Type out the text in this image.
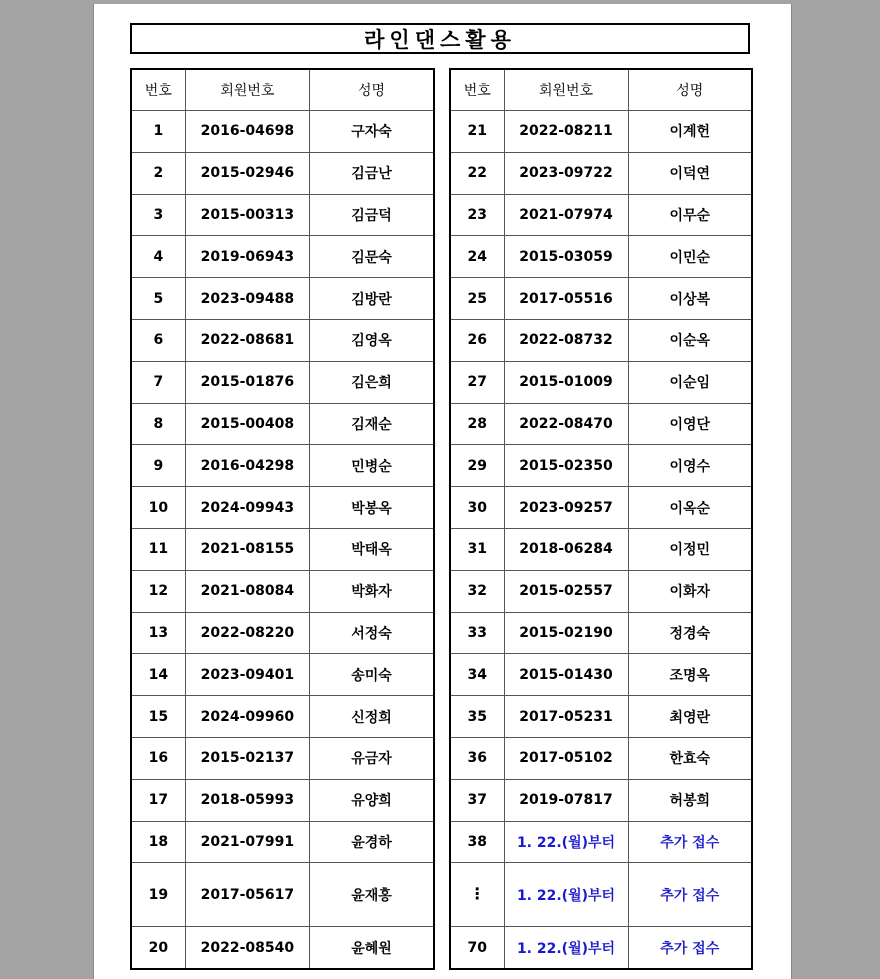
라인댄스활용
번호	회원번호	성명
1	2016-04698	구자숙
2	2015-02946	김금난
3	2015-00313	김금덕
4	2019-06943	김문숙
5	2023-09488	김방란
6	2022-08681	김영옥
7	2015-01876	김은희
8	2015-00408	김재순
9	2016-04298	민병순
10	2024-09943	박봉옥
11	2021-08155	박태옥
12	2021-08084	박화자
13	2022-08220	서정숙
14	2023-09401	송미숙
15	2024-09960	신정희
16	2015-02137	유금자
17	2018-05993	유양희
18	2021-07991	윤경하
19	2017-05617	윤재홍
20	2022-08540	윤혜원
번호	회원번호	성명
21	2022-08211	이계헌
22	2023-09722	이덕연
23	2021-07974	이무순
24	2015-03059	이민순
25	2017-05516	이상복
26	2022-08732	이순옥
27	2015-01009	이순임
28	2022-08470	이영단
29	2015-02350	이영수
30	2023-09257	이옥순
31	2018-06284	이정민
32	2015-02557	이화자
33	2015-02190	정경숙
34	2015-01430	조명옥
35	2017-05231	최영란
36	2017-05102	한효숙
37	2019-07817	허봉희
38	1. 22.(월)부터	추가 접수
⋮	1. 22.(월)부터	추가 접수
70	1. 22.(월)부터	추가 접수
